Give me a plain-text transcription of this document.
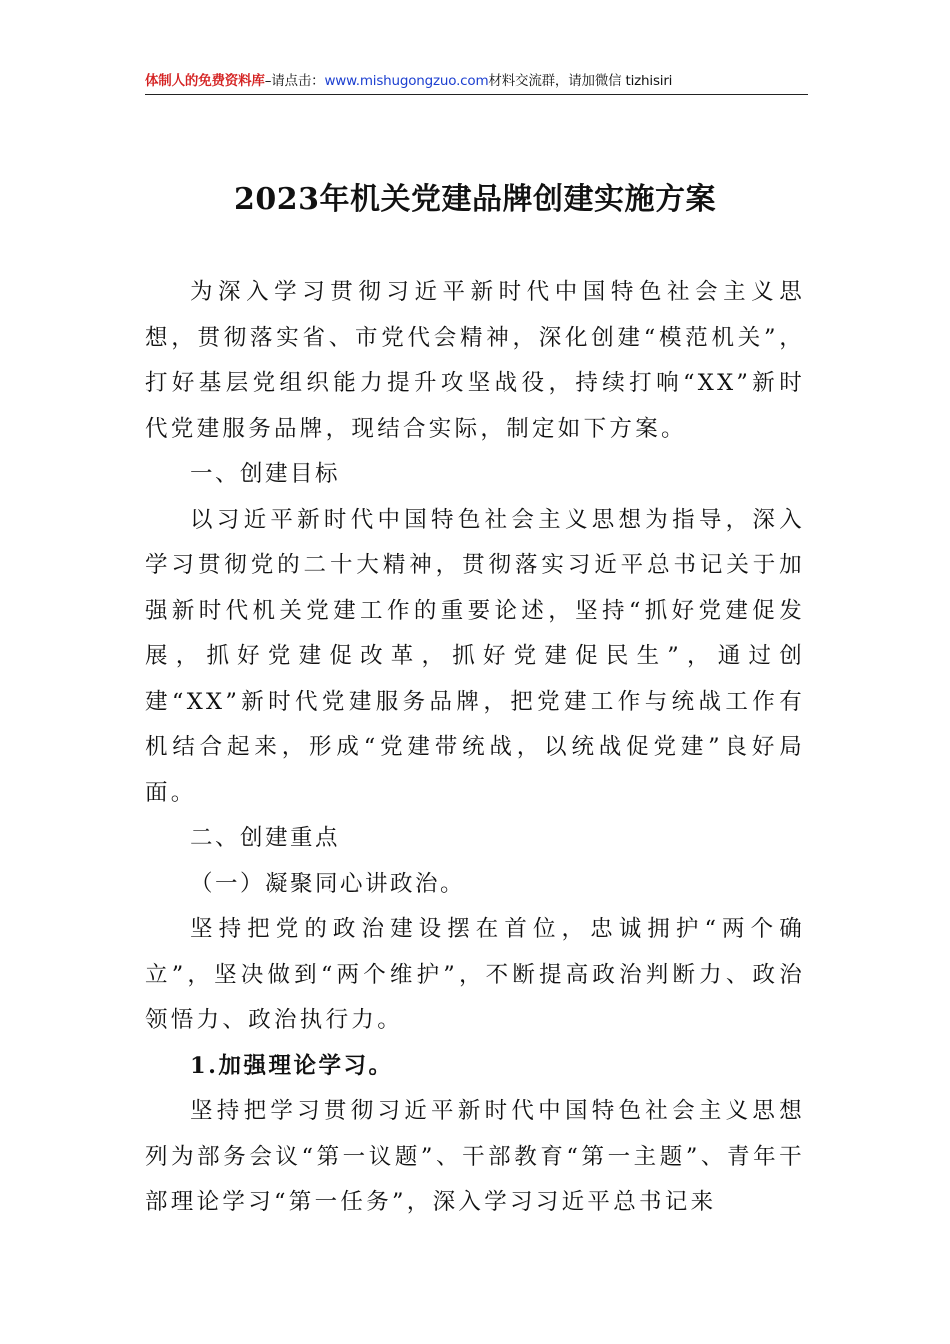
体制人的免费资料库–请点击：www.mishugongzuo.com材料交流群，请加微信 tizhisiri
2023年机关党建品牌创建实施方案

为深入学习贯彻习近平新时代中国特色社会主义思想，贯彻落实省、市党代会精神，深化创建“模范机关”，打好基层党组织能力提升攻坚战役，持续打响“XX”新时代党建服务品牌，现结合实际，制定如下方案。

一、创建目标

以习近平新时代中国特色社会主义思想为指导，深入学习贯彻党的二十大精神，贯彻落实习近平总书记关于加强新时代机关党建工作的重要论述，坚持“抓好党建促发展，抓好党建促改革，抓好党建促民生”，通过创建“XX”新时代党建服务品牌，把党建工作与统战工作有机结合起来，形成“党建带统战，以统战促党建”良好局面。

二、创建重点

（一）凝聚同心讲政治。

坚持把党的政治建设摆在首位，忠诚拥护“两个确立”，坚决做到“两个维护”，不断提高政治判断力、政治领悟力、政治执行力。

1.加强理论学习。

坚持把学习贯彻习近平新时代中国特色社会主义思想列为部务会议“第一议题”、干部教育“第一主题”、青年干部理论学习“第一任务”，深入学习习近平总书记来
